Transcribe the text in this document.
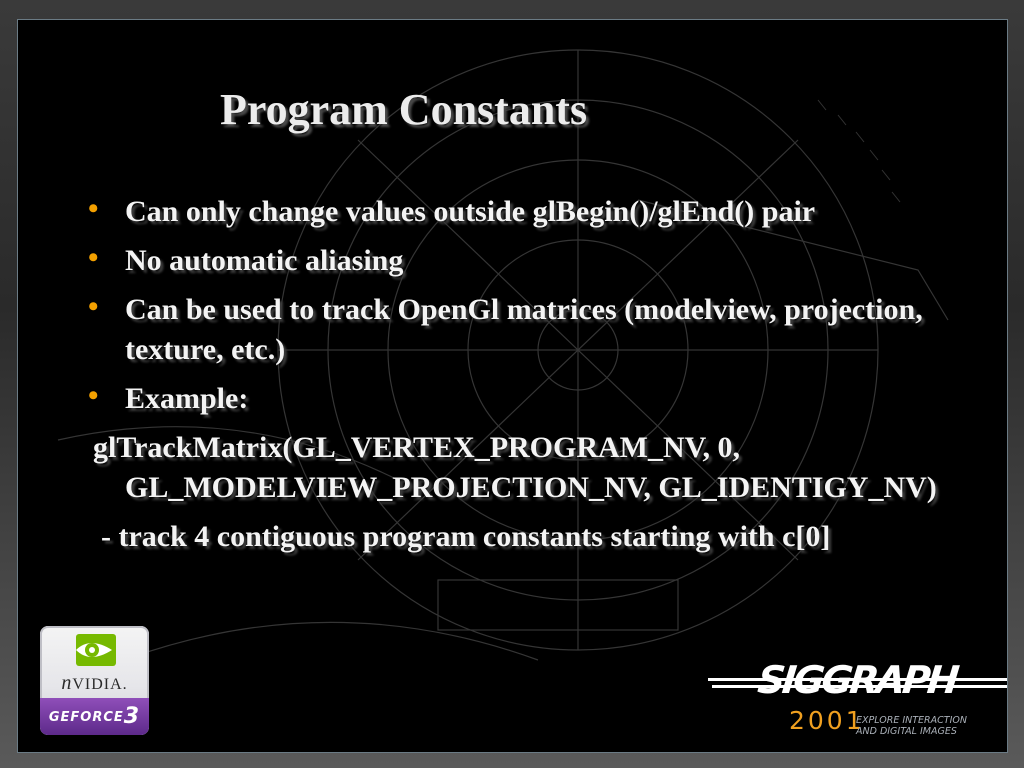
Program Constants
• Can only change values outside glBegin()/glEnd() pair
• No automatic aliasing
• Can be used to track OpenGl matrices (modelview, projection, texture, etc.)
• Example:
glTrackMatrix(GL_VERTEX_PROGRAM_NV, 0, GL_MODELVIEW_PROJECTION_NV, GL_IDENTIGY_NV)
- track 4 contiguous program constants starting with c[0]
nVIDIA.
GEFORCE3
SIGGRAPH
2001
EXPLORE INTERACTION
AND DIGITAL IMAGES
